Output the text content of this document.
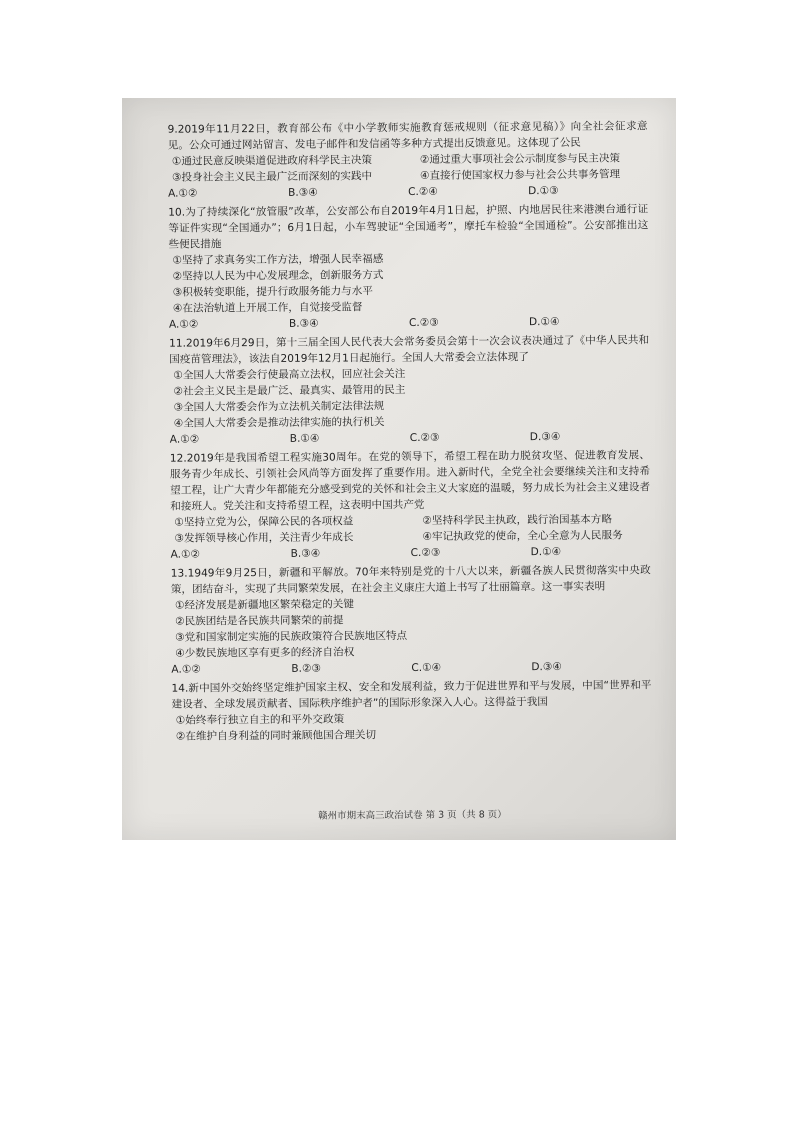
9.2019年11月22日，教育部公布《中小学教师实施教育惩戒规则（征求意见稿）》向全社会征求意见。公众可通过网站留言、发电子邮件和发信函等多种方式提出反馈意见。这体现了公民
①通过民意反映渠道促进政府科学民主决策	②通过重大事项社会公示制度参与民主决策
③投身社会主义民主最广泛而深刻的实践中	④直接行使国家权力参与社会公共事务管理
A.①②	B.③④	C.②④	D.①③
10.为了持续深化“放管服”改革，公安部公布自2019年4月1日起，护照、内地居民往来港澳台通行证等证件实现“全国通办”；6月1日起，小车驾驶证“全国通考”，摩托车检验“全国通检”。公安部推出这些便民措施
①坚持了求真务实工作方法，增强人民幸福感
②坚持以人民为中心发展理念，创新服务方式
③积极转变职能，提升行政服务能力与水平
④在法治轨道上开展工作，自觉接受监督
A.①②	B.③④	C.②③	D.①④
11.2019年6月29日，第十三届全国人民代表大会常务委员会第十一次会议表决通过了《中华人民共和国疫苗管理法》，该法自2019年12月1日起施行。全国人大常委会立法体现了
①全国人大常委会行使最高立法权，回应社会关注
②社会主义民主是最广泛、最真实、最管用的民主
③全国人大常委会作为立法机关制定法律法规
④全国人大常委会是推动法律实施的执行机关
A.①②	B.①④	C.②③	D.③④
12.2019年是我国希望工程实施30周年。在党的领导下，希望工程在助力脱贫攻坚、促进教育发展、服务青少年成长、引领社会风尚等方面发挥了重要作用。进入新时代，全党全社会要继续关注和支持希望工程，让广大青少年都能充分感受到党的关怀和社会主义大家庭的温暖，努力成长为社会主义建设者和接班人。党关注和支持希望工程，这表明中国共产党
①坚持立党为公，保障公民的各项权益	②坚持科学民主执政，践行治国基本方略
③发挥领导核心作用，关注青少年成长	④牢记执政党的使命，全心全意为人民服务
A.①②	B.③④	C.②③	D.①④
13.1949年9月25日，新疆和平解放。70年来特别是党的十八大以来，新疆各族人民贯彻落实中央政策，团结奋斗，实现了共同繁荣发展，在社会主义康庄大道上书写了壮丽篇章。这一事实表明
①经济发展是新疆地区繁荣稳定的关键
②民族团结是各民族共同繁荣的前提
③党和国家制定实施的民族政策符合民族地区特点
④少数民族地区享有更多的经济自治权
A.①②	B.②③	C.①④	D.③④
14.新中国外交始终坚定维护国家主权、安全和发展利益，致力于促进世界和平与发展，中国“世界和平建设者、全球发展贡献者、国际秩序维护者”的国际形象深入人心。这得益于我国
①始终奉行独立自主的和平外交政策
②在维护自身利益的同时兼顾他国合理关切
赣州市期末高三政治试卷 第 3 页（共 8 页）
